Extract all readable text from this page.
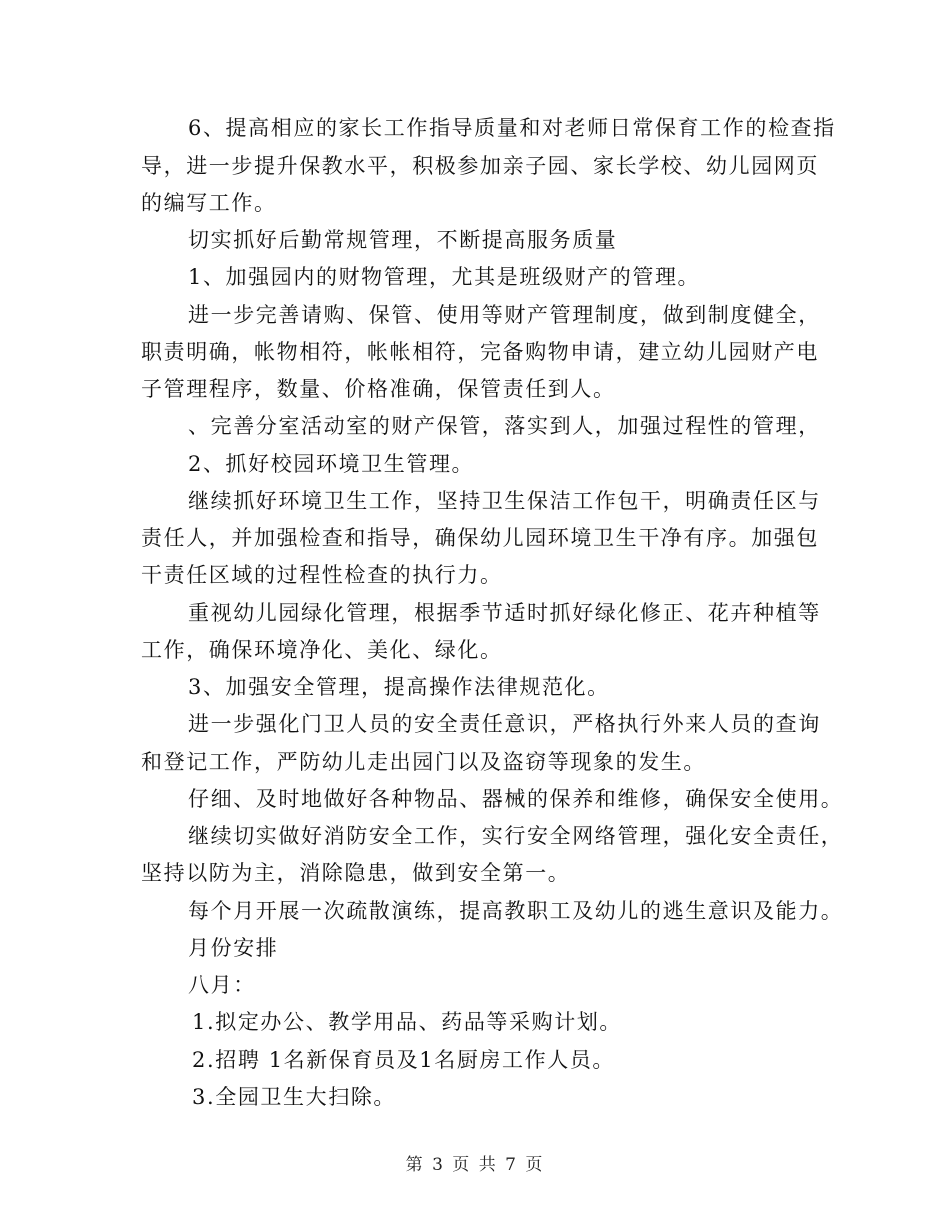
6、提高相应的家长工作指导质量和对老师日常保育工作的检查指
导，进一步提升保教水平，积极参加亲子园、家长学校、幼儿园网页
的编写工作。
切实抓好后勤常规管理，不断提高服务质量
1、加强园内的财物管理，尤其是班级财产的管理。
进一步完善请购、保管、使用等财产管理制度，做到制度健全，
职责明确，帐物相符，帐帐相符，完备购物申请，建立幼儿园财产电
子管理程序，数量、价格准确，保管责任到人。
、完善分室活动室的财产保管，落实到人，加强过程性的管理，
2、抓好校园环境卫生管理。
继续抓好环境卫生工作，坚持卫生保洁工作包干，明确责任区与
责任人，并加强检查和指导，确保幼儿园环境卫生干净有序。加强包
干责任区域的过程性检查的执行力。
重视幼儿园绿化管理，根据季节适时抓好绿化修正、花卉种植等
工作，确保环境净化、美化、绿化。
3、加强安全管理，提高操作法律规范化。
进一步强化门卫人员的安全责任意识，严格执行外来人员的查询
和登记工作，严防幼儿走出园门以及盗窃等现象的发生。
仔细、及时地做好各种物品、器械的保养和维修，确保安全使用。
继续切实做好消防安全工作，实行安全网络管理，强化安全责任，
坚持以防为主，消除隐患，做到安全第一。
每个月开展一次疏散演练，提高教职工及幼儿的逃生意识及能力。
月份安排
八月：
1.拟定办公、教学用品、药品等采购计划。
2.招聘 1名新保育员及1名厨房工作人员。
3.全园卫生大扫除。
第 3 页 共 7 页
